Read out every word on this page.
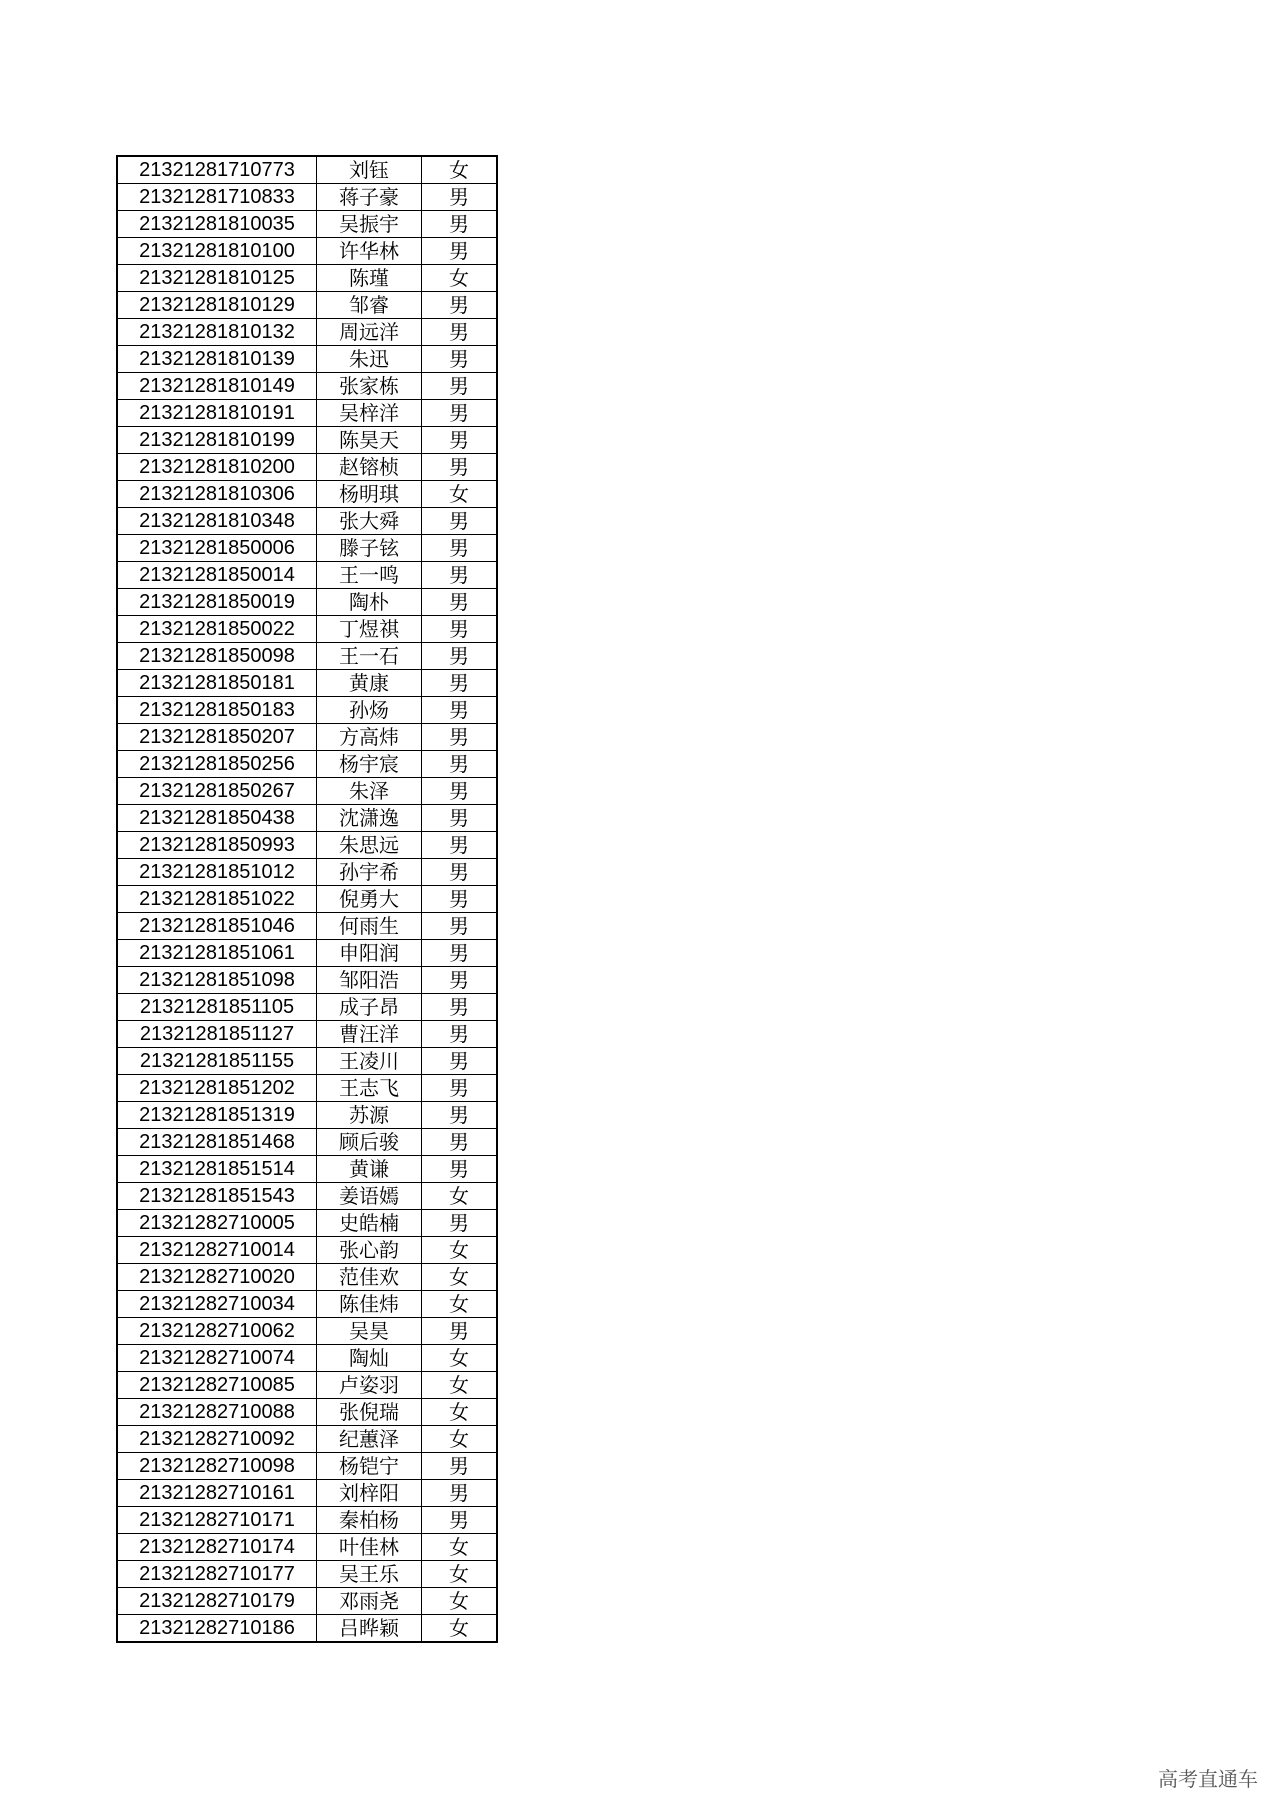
21321281710773	刘钰	女
21321281710833	蒋子豪	男
21321281810035	吴振宇	男
21321281810100	许华林	男
21321281810125	陈瑾	女
21321281810129	邹睿	男
21321281810132	周远洋	男
21321281810139	朱迅	男
21321281810149	张家栋	男
21321281810191	吴梓洋	男
21321281810199	陈昊天	男
21321281810200	赵镕桢	男
21321281810306	杨明琪	女
21321281810348	张大舜	男
21321281850006	滕子铉	男
21321281850014	王一鸣	男
21321281850019	陶朴	男
21321281850022	丁煜祺	男
21321281850098	王一石	男
21321281850181	黄康	男
21321281850183	孙炀	男
21321281850207	方高炜	男
21321281850256	杨宇宸	男
21321281850267	朱泽	男
21321281850438	沈潇逸	男
21321281850993	朱思远	男
21321281851012	孙宇希	男
21321281851022	倪勇大	男
21321281851046	何雨生	男
21321281851061	申阳润	男
21321281851098	邹阳浩	男
21321281851105	成子昂	男
21321281851127	曹汪洋	男
21321281851155	王凌川	男
21321281851202	王志飞	男
21321281851319	苏源	男
21321281851468	顾后骏	男
21321281851514	黄谦	男
21321281851543	姜语嫣	女
21321282710005	史皓楠	男
21321282710014	张心韵	女
21321282710020	范佳欢	女
21321282710034	陈佳炜	女
21321282710062	吴昊	男
21321282710074	陶灿	女
21321282710085	卢姿羽	女
21321282710088	张倪瑞	女
21321282710092	纪蕙泽	女
21321282710098	杨铠宁	男
21321282710161	刘梓阳	男
21321282710171	秦柏杨	男
21321282710174	叶佳林	女
21321282710177	吴王乐	女
21321282710179	邓雨尧	女
21321282710186	吕晔颖	女
高考直通车
